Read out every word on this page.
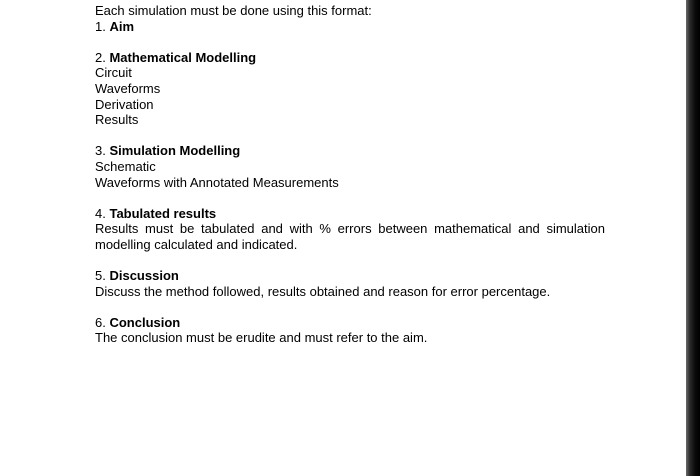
Each simulation must be done using this format:
1. Aim
2. Mathematical Modelling
Circuit
Waveforms
Derivation
Results
3. Simulation Modelling
Schematic
Waveforms with Annotated Measurements
4. Tabulated results
Results must be tabulated and with % errors between mathematical and simulation modelling calculated and indicated.
5. Discussion
Discuss the method followed, results obtained and reason for error percentage.
6. Conclusion
The conclusion must be erudite and must refer to the aim.
